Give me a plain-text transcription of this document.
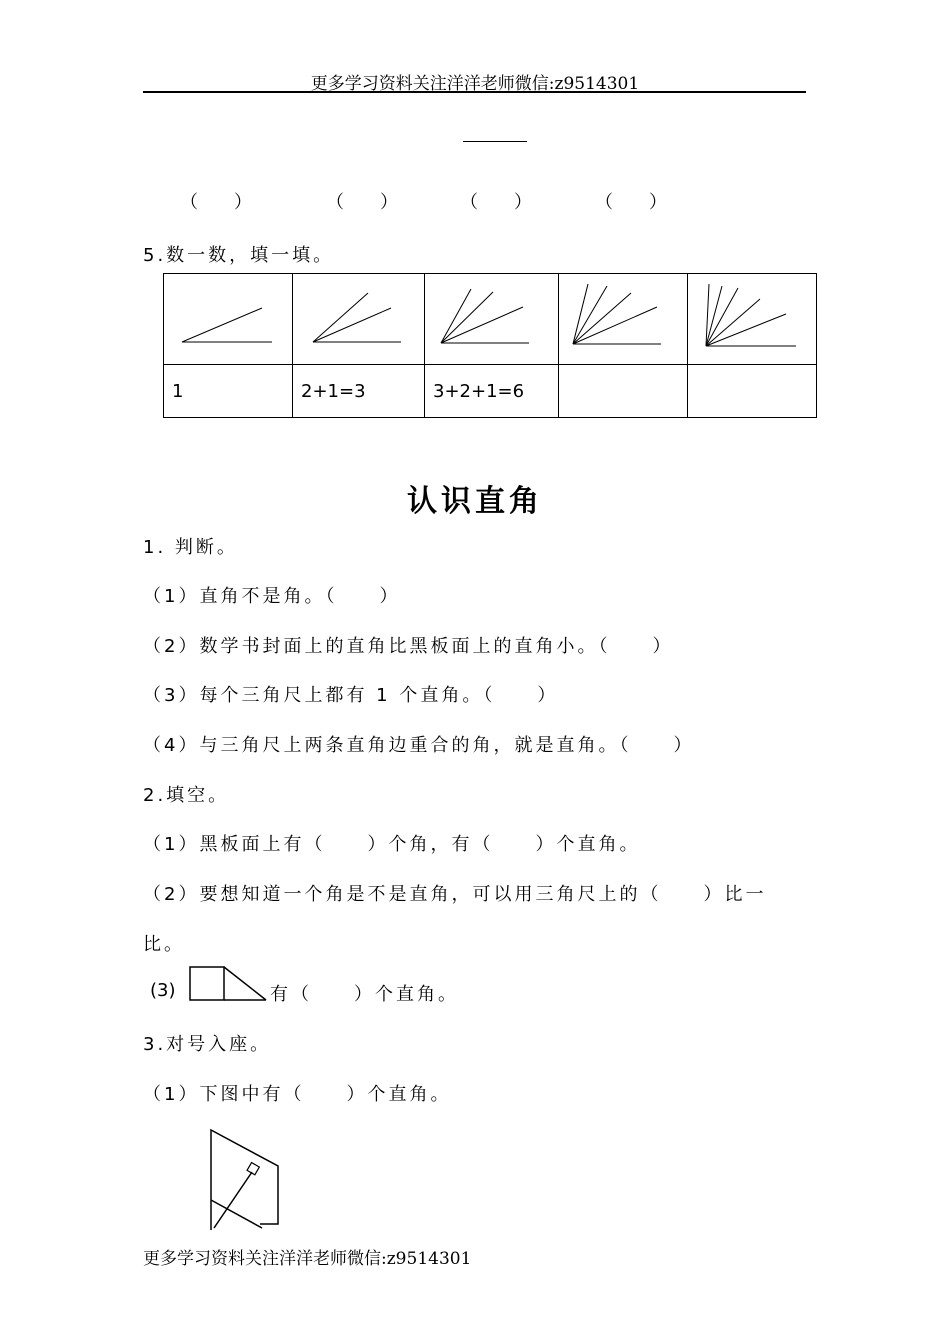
更多学习资料关注洋洋老师微信:z9514301
（　　）	（　　）	（　　）	（　　）
5.数一数，填一填。

1	2+1=3	3+2+1=6		
认识直角
1. 判断。
（1）直角不是角。（　　）
（2）数学书封面上的直角比黑板面上的直角小。（　　）
（3）每个三角尺上都有 1 个直角。（　　）
（4）与三角尺上两条直角边重合的角，就是直角。（　　）
2.填空。
（1）黑板面上有（　　）个角，有（　　）个直角。
（2）要想知道一个角是不是直角，可以用三角尺上的（　　）比一
比。
(3)	有（　　）个直角。
3.对号入座。
（1）下图中有（　　）个直角。
更多学习资料关注洋洋老师微信:z9514301
